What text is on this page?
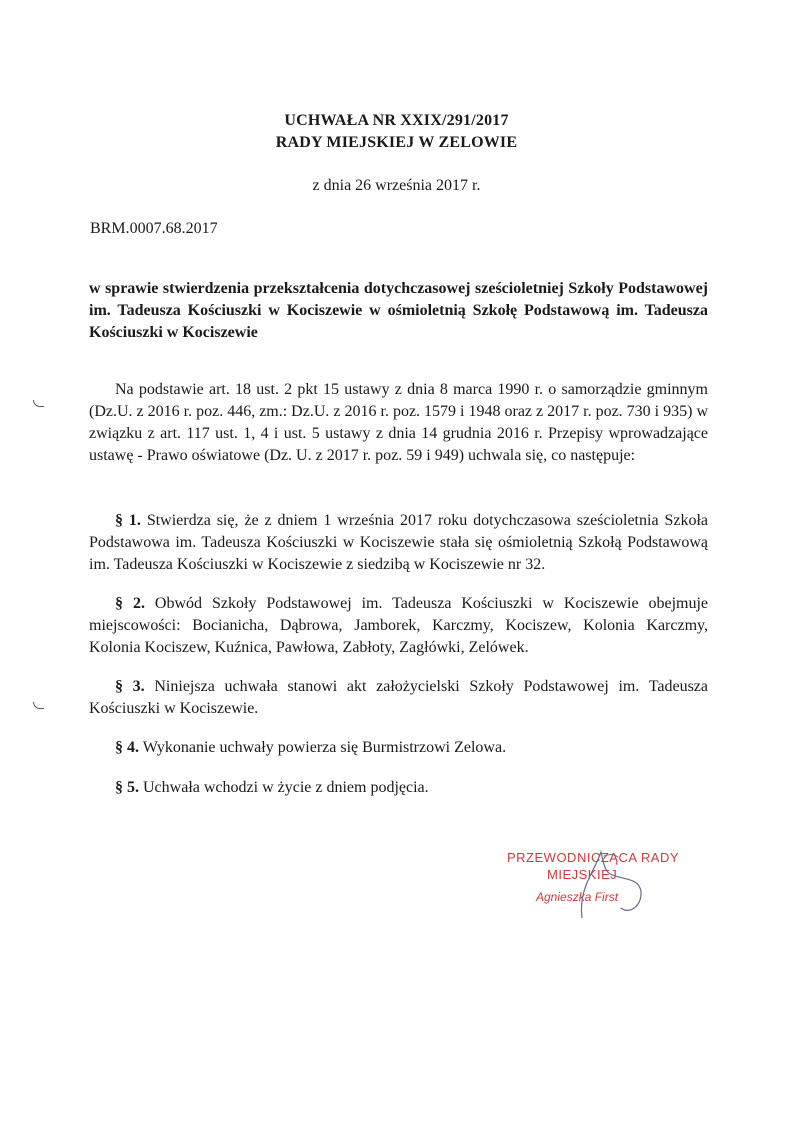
UCHWAŁA NR XXIX/291/2017
RADY MIEJSKIEJ W ZELOWIE
z dnia 26 września 2017 r.
BRM.0007.68.2017
w sprawie stwierdzenia przekształcenia dotychczasowej sześcioletniej Szkoły Podstawowej im. Tadeusza Kościuszki w Kociszewie w ośmioletnią Szkołę Podstawową im. Tadeusza Kościuszki w Kociszewie

Na podstawie art. 18 ust. 2 pkt 15 ustawy z dnia 8 marca 1990 r. o samorządzie gminnym (Dz.U. z 2016 r. poz. 446, zm.: Dz.U. z 2016 r. poz. 1579 i 1948 oraz z 2017 r. poz. 730 i 935) w związku z art. 117 ust. 1, 4 i ust. 5 ustawy z dnia 14 grudnia 2016 r. Przepisy wprowadzające ustawę - Prawo oświatowe (Dz. U. z 2017 r. poz. 59 i 949) uchwala się, co następuje:

§ 1. Stwierdza się, że z dniem 1 września 2017 roku dotychczasowa sześcioletnia Szkoła Podstawowa im. Tadeusza Kościuszki w Kociszewie stała się ośmioletnią Szkołą Podstawową im. Tadeusza Kościuszki w Kociszewie z siedzibą w Kociszewie nr 32.

§ 2. Obwód Szkoły Podstawowej im. Tadeusza Kościuszki w Kociszewie obejmuje miejscowości: Bocianicha, Dąbrowa, Jamborek, Karczmy, Kociszew, Kolonia Karczmy, Kolonia Kociszew, Kuźnica, Pawłowa, Zabłoty, Zagłówki, Zelówek.

§ 3. Niniejsza uchwała stanowi akt założycielski Szkoły Podstawowej im. Tadeusza Kościuszki w Kociszewie.

§ 4. Wykonanie uchwały powierza się Burmistrzowi Zelowa.

§ 5. Uchwała wchodzi w życie z dniem podjęcia.

PRZEWODNICZĄCA RADY
MIEJSKIEJ
Agnieszka First
